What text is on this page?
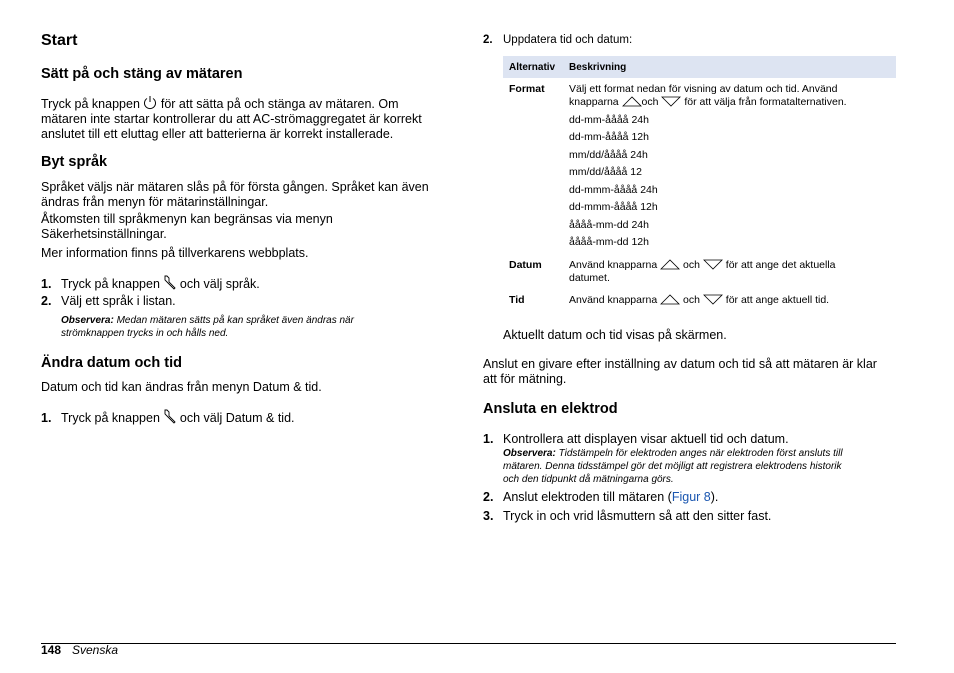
Start
Sätt på och stäng av mätaren

Tryck på knappen för att sätta på och stänga av mätaren. Om
mätaren inte startar kontrollerar du att AC-strömaggregatet är korrekt
anslutet till ett eluttag eller att batterierna är korrekt installerade.

Byt språk

Språket väljs när mätaren slås på för första gången. Språket kan även
ändras från menyn för mätarinställningar.

Åtkomsten till språkmenyn kan begränsas via menyn
Säkerhetsinställningar.

Mer information finns på tillverkarens webbplats.

1. Tryck på knappen och välj språk.

2. Välj ett språk i listan.

Observera: Medan mätaren sätts på kan språket även ändras när
strömknappen trycks in och hålls ned.
Ändra datum och tid

Datum och tid kan ändras från menyn Datum & tid.

1. Tryck på knappen och välj Datum & tid.

2. Uppdatera tid och datum:

Alternativ Beskrivning
Format Välj ett format nedan för visning av datum och tid. Använd
knapparna och för att välja från formatalternativen.
dd-mm-åååå 24h
dd-mm-åååå 12h
mm/dd/åååå 24h
mm/dd/åååå 12
dd-mmm-åååå 24h
dd-mmm-åååå 12h
åååå-mm-dd 24h
åååå-mm-dd 12h
Datum	Använd knapparna och för att ange det aktuella
datumet.
Tid	Använd knapparna och för att ange aktuell tid.

Aktuellt datum och tid visas på skärmen.

Anslut en givare efter inställning av datum och tid så att mätaren är klar
att för mätning.

Ansluta en elektrod

1. Kontrollera att displayen visar aktuell tid och datum.

Observera: Tidstämpeln för elektroden anges när elektroden först ansluts till
mätaren. Denna tidsstämpel gör det möjligt att registrera elektrodens historik
och den tidpunkt då mätningarna görs.

2. Anslut elektroden till mätaren (Figur 8).

3. Tryck in och vrid låsmuttern så att den sitter fast.

148 Svenska
